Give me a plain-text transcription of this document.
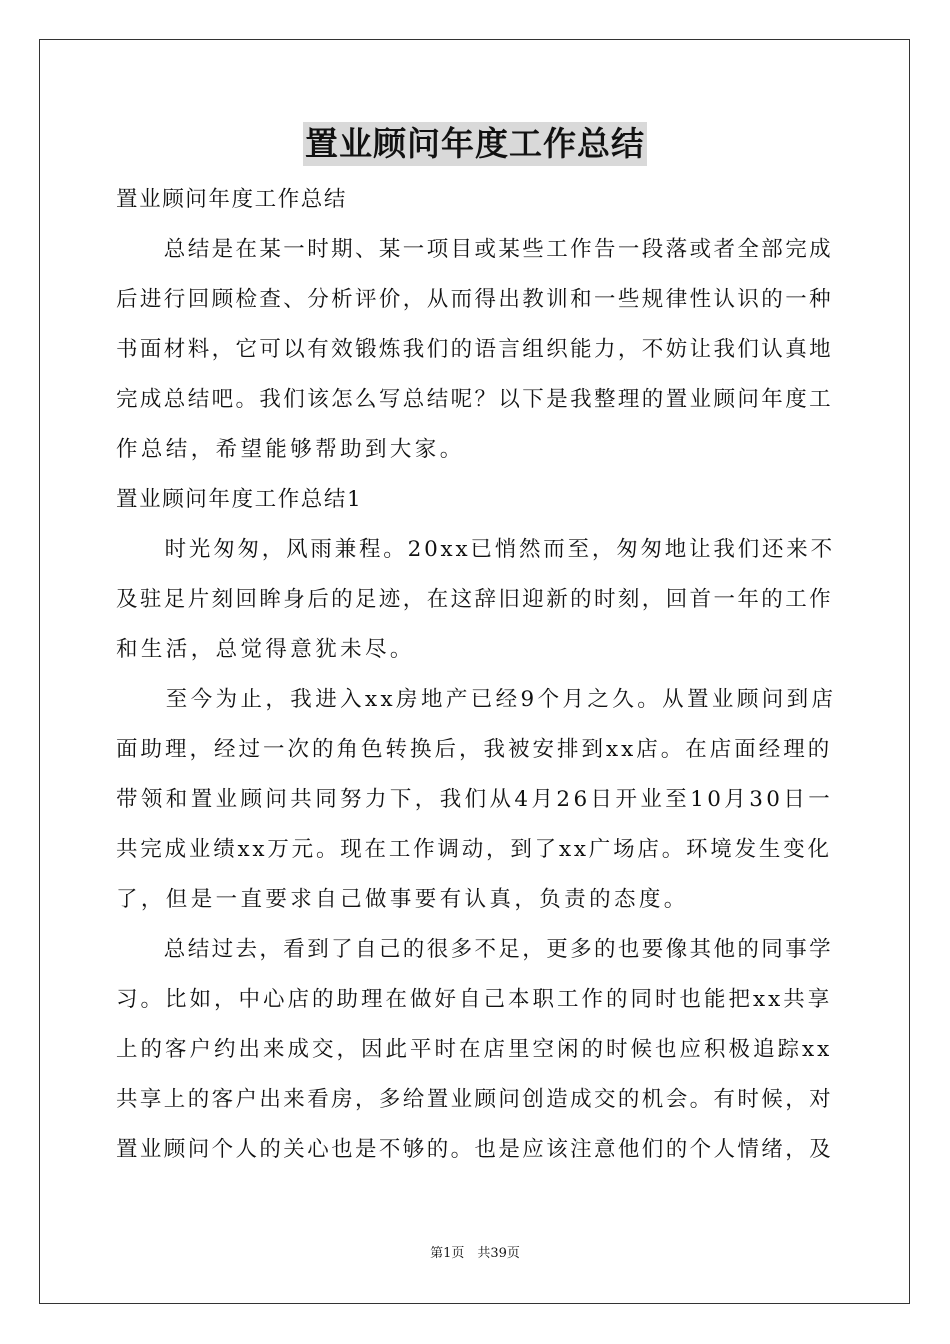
置业顾问年度工作总结
置业顾问年度工作总结
　　总结是在某一时期、某一项目或某些工作告一段落或者全部完成
后进行回顾检查、分析评价，从而得出教训和一些规律性认识的一种
书面材料，它可以有效锻炼我们的语言组织能力，不妨让我们认真地
完成总结吧。我们该怎么写总结呢？以下是我整理的置业顾问年度工
作总结，希望能够帮助到大家。
置业顾问年度工作总结1
　　时光匆匆，风雨兼程。20xx已悄然而至，匆匆地让我们还来不
及驻足片刻回眸身后的足迹，在这辞旧迎新的时刻，回首一年的工作
和生活，总觉得意犹未尽。
　　至今为止，我进入xx房地产已经9个月之久。从置业顾问到店
面助理，经过一次的角色转换后，我被安排到xx店。在店面经理的
带领和置业顾问共同努力下，我们从4月26日开业至10月30日一
共完成业绩xx万元。现在工作调动，到了xx广场店。环境发生变化
了，但是一直要求自己做事要有认真，负责的态度。
　　总结过去，看到了自己的很多不足，更多的也要像其他的同事学
习。比如，中心店的助理在做好自己本职工作的同时也能把xx共享
上的客户约出来成交，因此平时在店里空闲的时候也应积极追踪xx
共享上的客户出来看房，多给置业顾问创造成交的机会。有时候，对
置业顾问个人的关心也是不够的。也是应该注意他们的个人情绪，及
第1页　共39页
